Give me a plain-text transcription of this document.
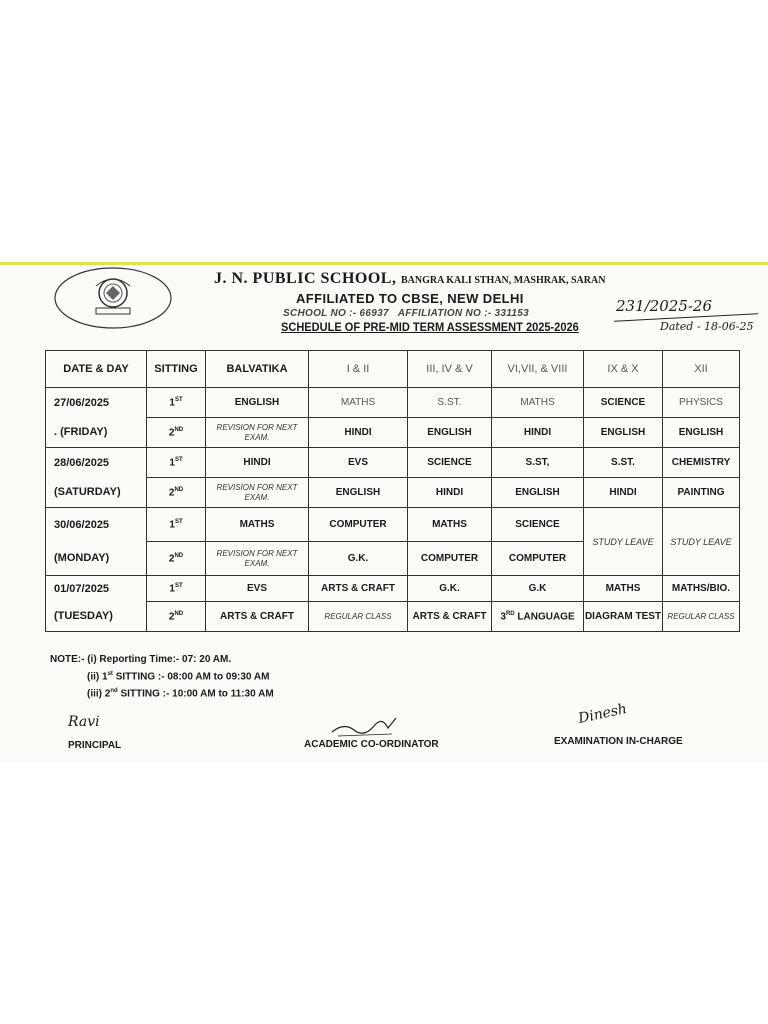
J. N. PUBLIC SCHOOL, BANGRA KALI STHAN, MASHRAK, SARAN
AFFILIATED TO CBSE, NEW DELHI
SCHOOL NO :- 66937 AFFILIATION NO :- 331153
SCHEDULE OF PRE-MID TERM ASSESSMENT 2025-2026
231/2025-26
Dated - 18-06-25
DATE & DAY	SITTING	BALVATIKA	I & II	III, IV & V	VI,VII, & VIII	IX & X	XII
27/06/2025	1ST	ENGLISH	MATHS	S.ST.	MATHS	SCIENCE	PHYSICS
. (FRIDAY)	2ND	REVISION FOR NEXT EXAM.	HINDI	ENGLISH	HINDI	ENGLISH	ENGLISH
28/06/2025	1ST	HINDI	EVS	SCIENCE	S.ST,	S.ST.	CHEMISTRY
(SATURDAY)	2ND	REVISION FOR NEXT EXAM.	ENGLISH	HINDI	ENGLISH	HINDI	PAINTING
30/06/2025	1ST	MATHS	COMPUTER	MATHS	SCIENCE	STUDY LEAVE	STUDY LEAVE
(MONDAY)	2ND	REVISION FOR NEXT EXAM.	G.K.	COMPUTER	COMPUTER		
01/07/2025	1ST	EVS	ARTS & CRAFT	G.K.	G.K	MATHS	MATHS/BIO.
(TUESDAY)	2ND	ARTS & CRAFT	REGULAR CLASS	ARTS & CRAFT	3RD LANGUAGE	DIAGRAM TEST	REGULAR CLASS
NOTE:- (i) Reporting Time:- 07: 20 AM.
(ii) 1st SITTING :- 08:00 AM to 09:30 AM
(iii) 2nd SITTING :- 10:00 AM to 11:30 AM
Ravi	Dinesh
PRINCIPAL	ACADEMIC CO-ORDINATOR	EXAMINATION IN-CHARGE
